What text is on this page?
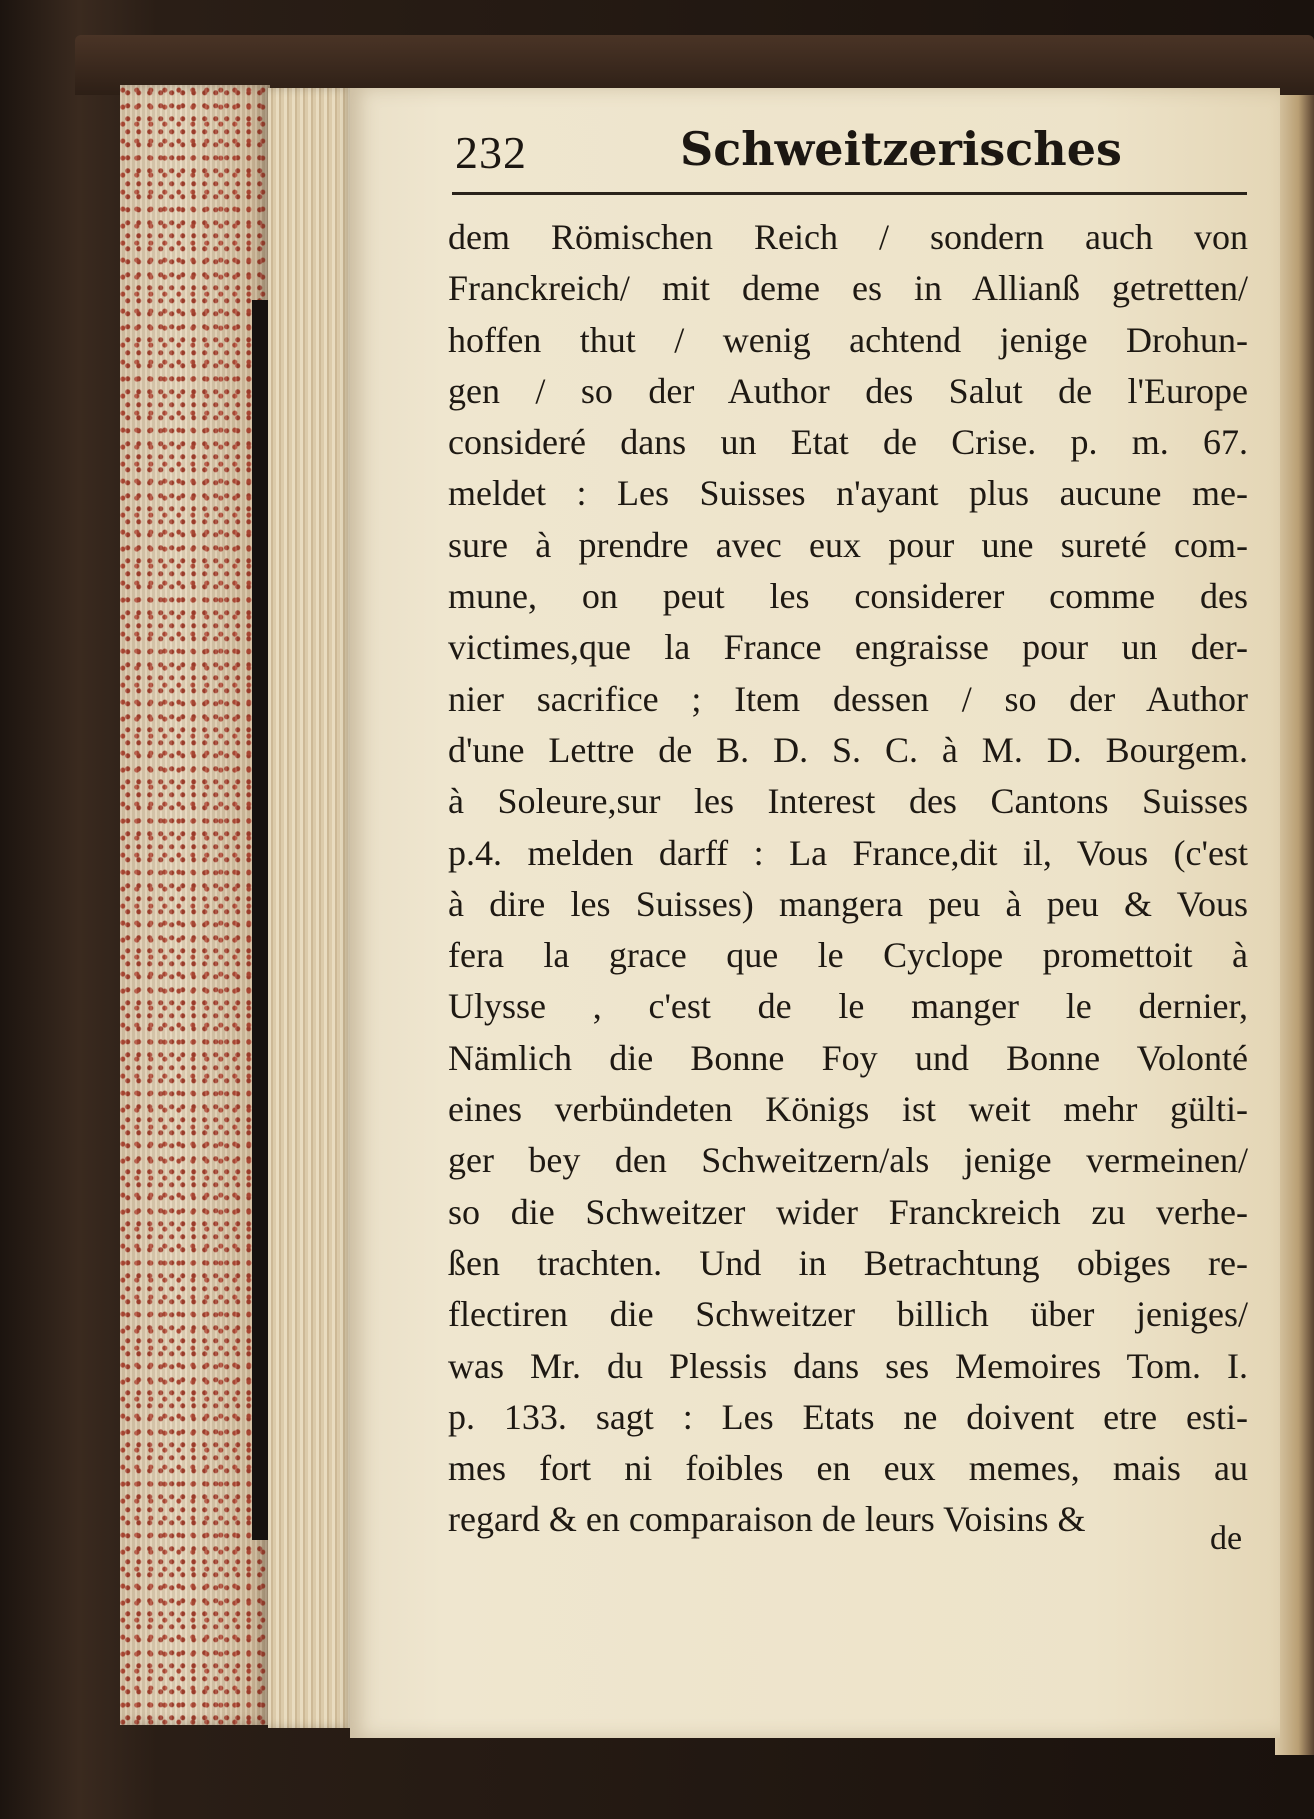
232	Schweitzerisches
dem Römischen Reich / sondern auch von
Franckreich/ mit deme es in Allianß getretten/
hoffen thut / wenig achtend jenige Drohun-
gen / so der Author des Salut de l'Europe
consideré dans un Etat de Crise. p. m. 67.
meldet : Les Suisses n'ayant plus aucune me-
sure à prendre avec eux pour une sureté com-
mune, on peut les considerer comme des
victimes,que la France engraisse pour un der-
nier sacrifice ; Item dessen / so der Author
d'une Lettre de B. D. S. C. à M. D. Bourgem.
à Soleure,sur les Interest des Cantons Suisses
p.4. melden darff : La France,dit il, Vous (c'est
à dire les Suisses) mangera peu à peu & Vous
fera la grace que le Cyclope promettoit à
Ulysse , c'est de le manger le dernier,
Nämlich die Bonne Foy und Bonne Volonté
eines verbündeten Königs ist weit mehr gülti-
ger bey den Schweitzern/als jenige vermeinen/
so die Schweitzer wider Franckreich zu verhe-
ßen trachten. Und in Betrachtung obiges re-
flectiren die Schweitzer billich über jeniges/
was Mr. du Plessis dans ses Memoires Tom. I.
p. 133. sagt : Les Etats ne doivent etre esti-
mes fort ni foibles en eux memes, mais au
regard & en comparaison de leurs Voisins &	de
